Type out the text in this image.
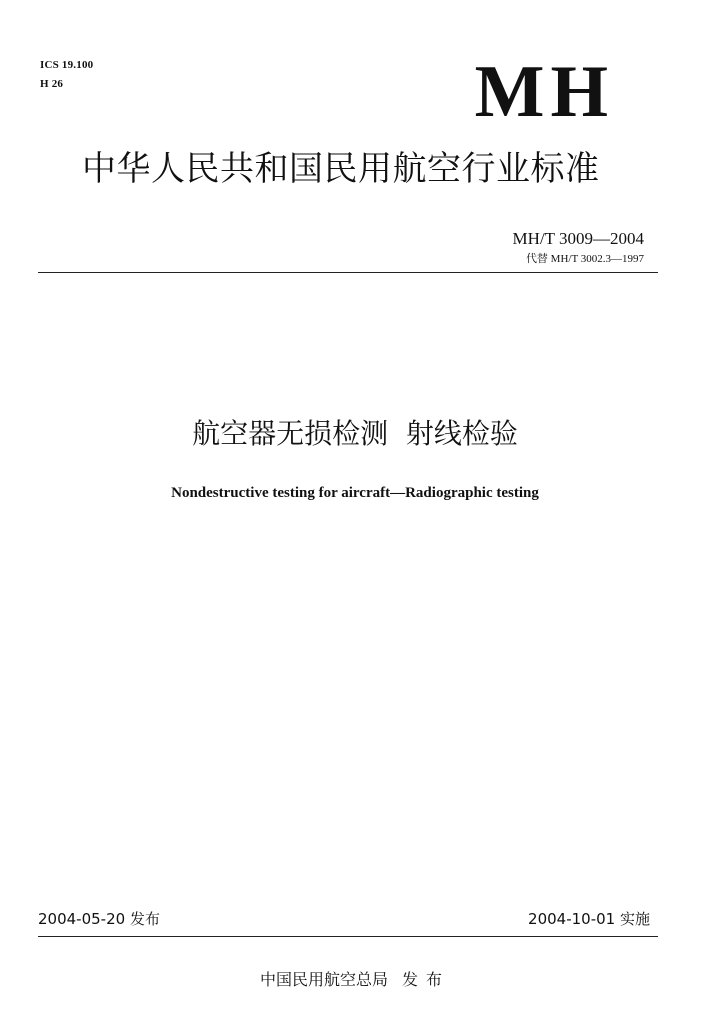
ICS 19.100
H 26	MH
中华人民共和国民用航空行业标准
MH/T 3009—2004
代替 MH/T 3002.3—1997
航空器无损检测 射线检验
Nondestructive testing for aircraft—Radiographic testing
2004-05-20 发布	2004-10-01 实施
中国民用航空总局 发布
